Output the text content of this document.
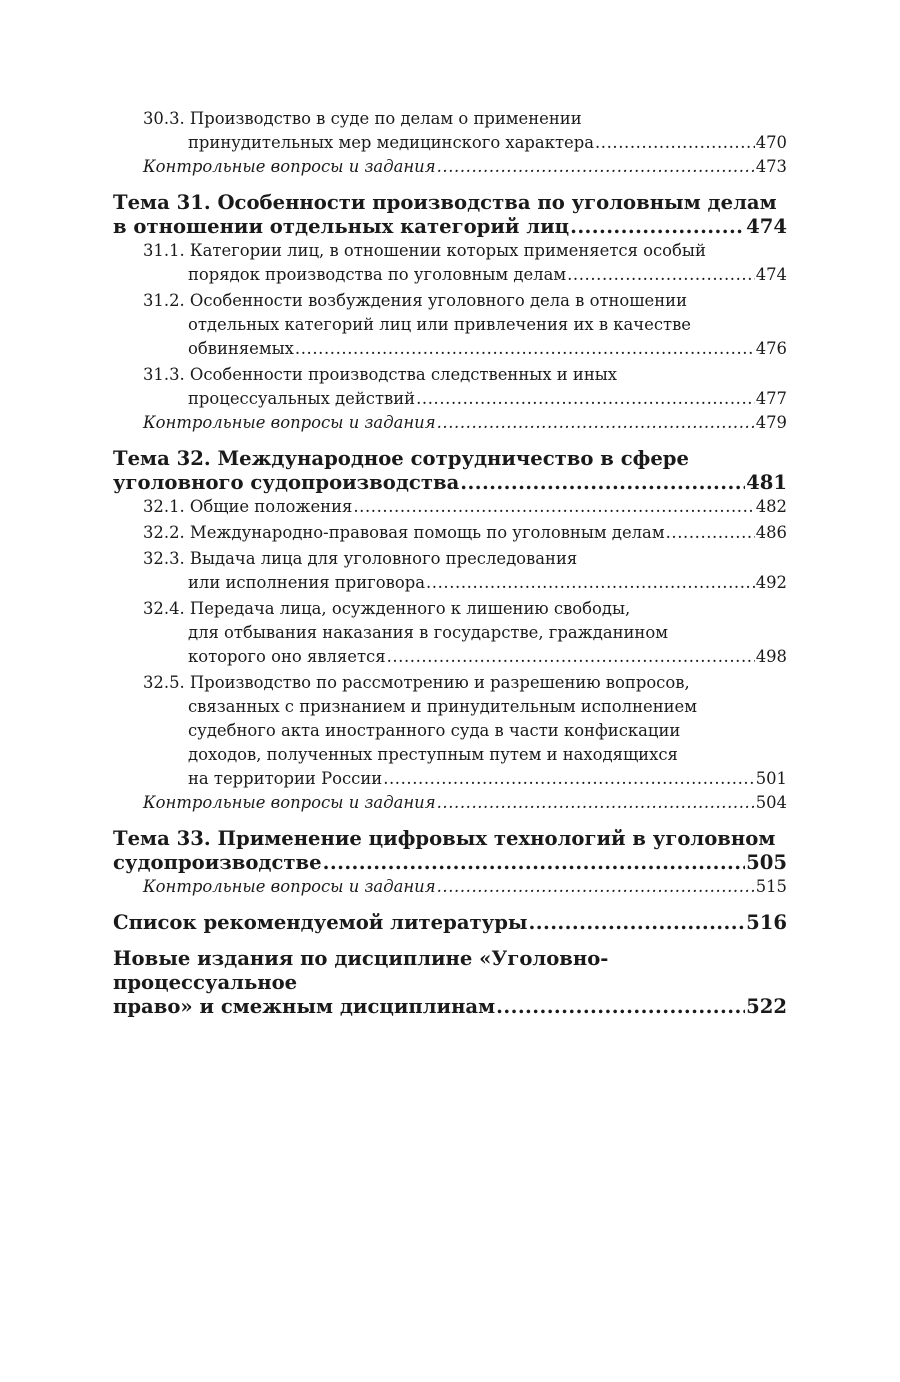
30.3. Производство в суде по делам о применении
принудительных мер медицинского характера .....	470
Контрольные вопросы и задания .....	473
Тема 31. Особенности производства по уголовным делам
в отношении отдельных категорий лиц .....	474
31.1. Категории лиц, в отношении которых применяется особый
порядок производства по уголовным делам .....	474
31.2. Особенности возбуждения уголовного дела в отношении
отдельных категорий лиц или привлечения их в качестве
обвиняемых .....	476
31.3. Особенности производства следственных и иных
процессуальных действий .....	477
Контрольные вопросы и задания .....	479
Тема 32. Международное сотрудничество в сфере
уголовного судопроизводства .....	481
32.1. Общие положения .....	482
32.2. Международно-правовая помощь по уголовным делам .....	486
32.3. Выдача лица для уголовного преследования
или исполнения приговора .....	492
32.4. Передача лица, осужденного к лишению свободы,
для отбывания наказания в государстве, гражданином
которого оно является .....	498
32.5. Производство по рассмотрению и разрешению вопросов,
связанных с признанием и принудительным исполнением
судебного акта иностранного суда в части конфискации
доходов, полученных преступным путем и находящихся
на территории России .....	501
Контрольные вопросы и задания .....	504
Тема 33. Применение цифровых технологий в уголовном
судопроизводстве .....	505
Контрольные вопросы и задания .....	515
Список рекомендуемой литературы .....	516
Новые издания по дисциплине «Уголовно-процессуальное
право» и смежным дисциплинам .....	522
